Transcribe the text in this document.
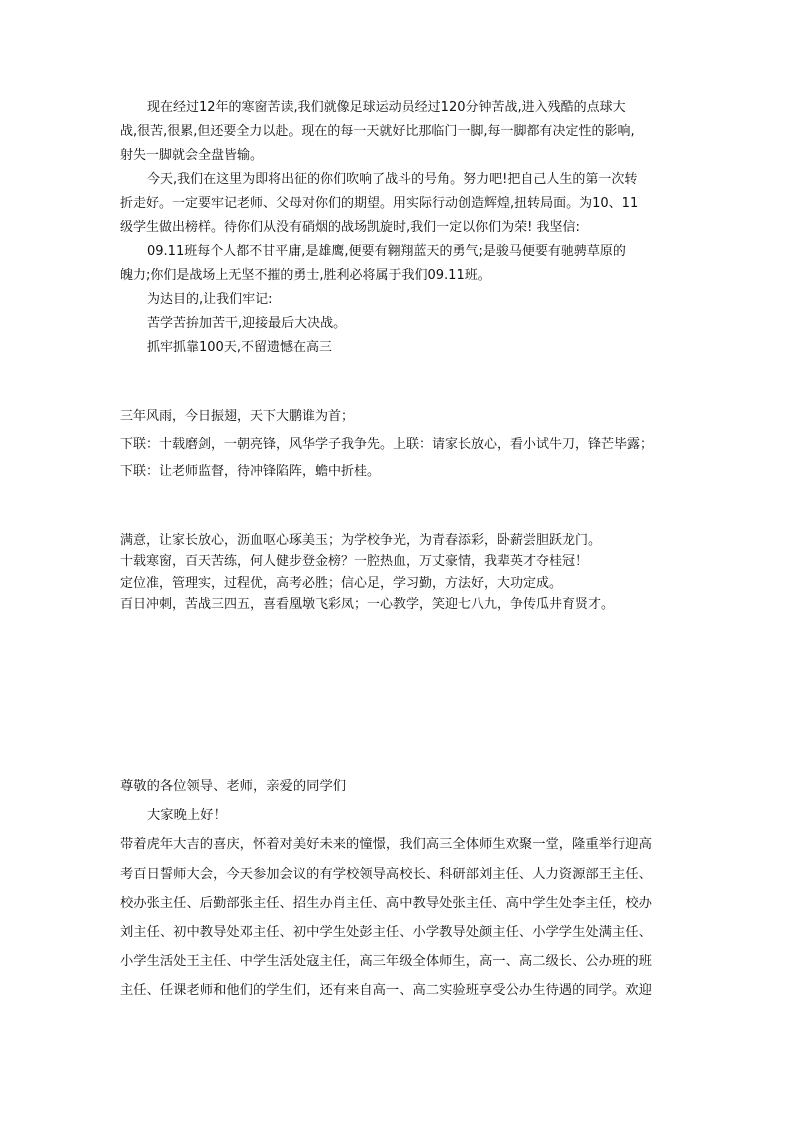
现在经过12年的寒窗苦读,我们就像足球运动员经过120分钟苦战,进入残酷的点球大

战,很苦,很累,但还要全力以赴。现在的每一天就好比那临门一脚,每一脚都有决定性的影响,

射失一脚就会全盘皆输。

今天,我们在这里为即将出征的你们吹响了战斗的号角。努力吧!把自己人生的第一次转

折走好。一定要牢记老师、父母对你们的期望。用实际行动创造辉煌,扭转局面。为10、11

级学生做出榜样。待你们从没有硝烟的战场凯旋时,我们一定以你们为荣! 我坚信:

09.11班每个人都不甘平庸,是雄鹰,便要有翱翔蓝天的勇气;是骏马便要有驰骋草原的

魄力;你们是战场上无坚不摧的勇士,胜利必将属于我们09.11班。

为达目的,让我们牢记:

苦学苦拚加苦干,迎接最后大决战。

抓牢抓靠100天,不留遗憾在高三

三年风雨，今日振翅，天下大鹏谁为首；

下联：十载磨剑，一朝亮锋，风华学子我争先。上联：请家长放心，看小试牛刀，锋芒毕露；

下联：让老师监督，待冲锋陷阵，蟾中折桂。

满意，让家长放心，沥血呕心琢美玉；为学校争光，为青春添彩，卧薪尝胆跃龙门。

十载寒窗，百天苦练，何人健步登金榜？一腔热血，万丈豪情，我辈英才夺桂冠！

定位准，管理实，过程优，高考必胜；信心足，学习勤，方法好，大功定成。

百日冲刺，苦战三四五，喜看凰墩飞彩凤；一心教学，笑迎七八九，争传瓜井育贤才。

尊敬的各位领导、老师，亲爱的同学们

大家晚上好！

带着虎年大吉的喜庆，怀着对美好未来的憧憬，我们高三全体师生欢聚一堂，隆重举行迎高

考百日誓师大会，今天参加会议的有学校领导高校长、科研部刘主任、人力资源部王主任、

校办张主任、后勤部张主任、招生办肖主任、高中教导处张主任、高中学生处李主任，校办

刘主任、初中教导处邓主任、初中学生处彭主任、小学教导处颜主任、小学学生处满主任、

小学生活处王主任、中学生活处寇主任，高三年级全体师生，高一、高二级长、公办班的班

主任、任课老师和他们的学生们，还有来自高一、高二实验班享受公办生待遇的同学。欢迎
